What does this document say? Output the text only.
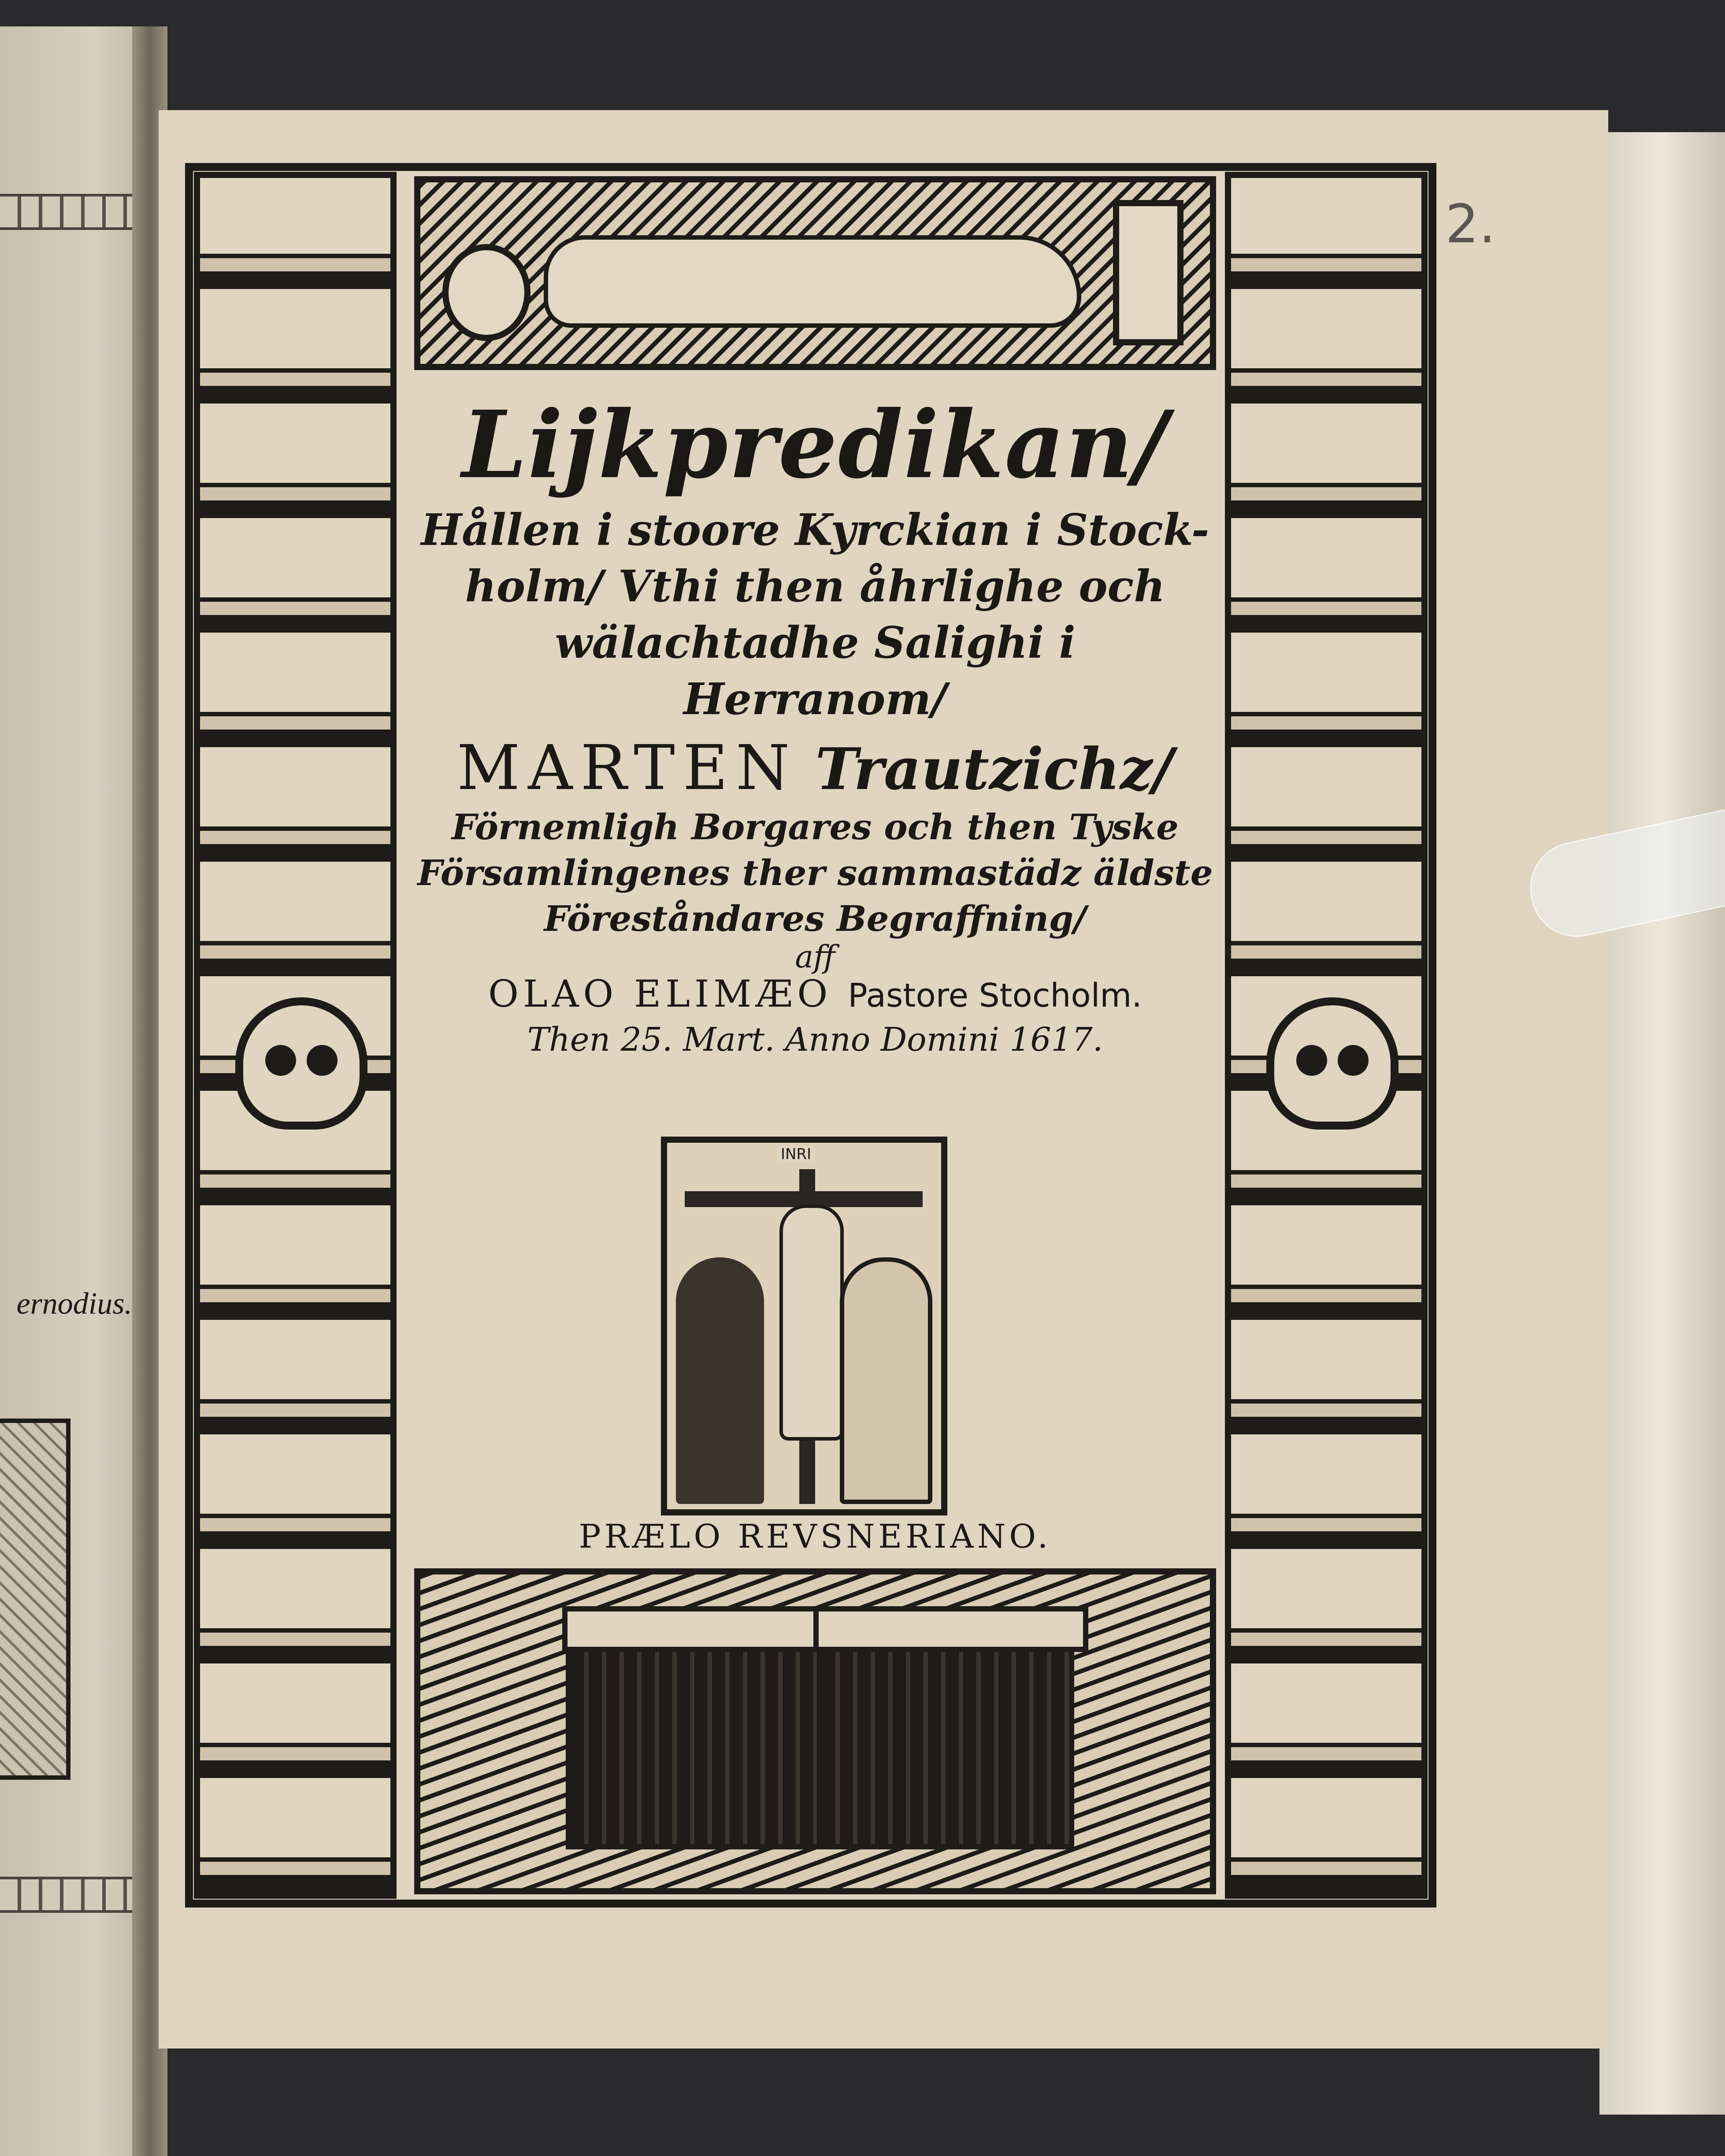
ernodius.
2.
Lijkpredikan/
Hållen i stoore Kyrckian i Stock-
holm/ Vthi then åhrlighe och
wälachtadhe Salighi i
Herranom/
MARTEN Trautzichz/
Förnemligh Borgares och then Tyske
Församlingenes ther sammastädz äldste
Föreståndares Begraffning/
aff
OLAO ELIMÆO Pastore Stocholm.
Then 25. Mart. Anno Domini 1617.
INRI
PRÆLO REVSNERIANO.
